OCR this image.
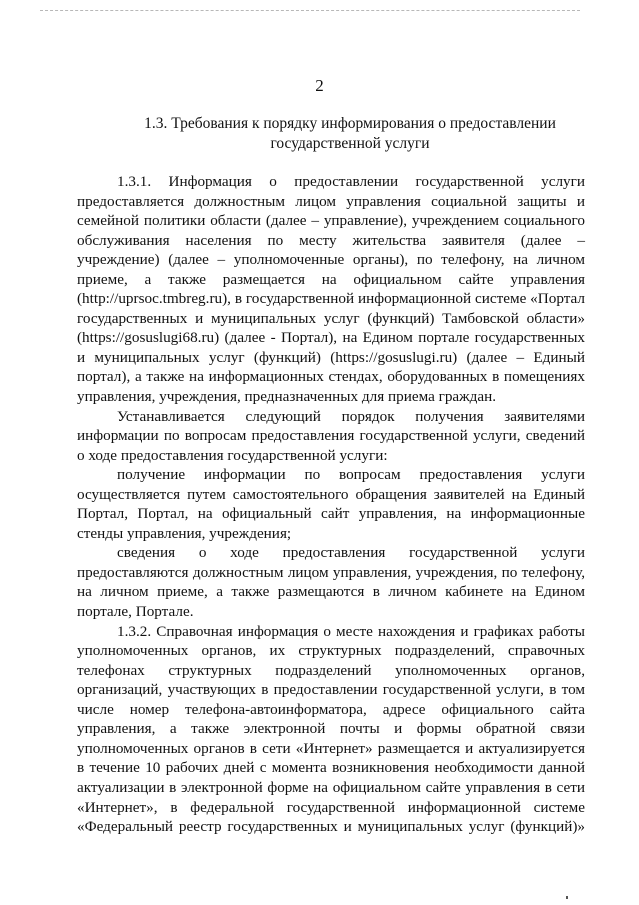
2
1.3. Требования к порядку информирования о предоставлении
государственной услуги

1.3.1. Информация о предоставлении государственной услуги предоставляется должностным лицом управления социальной защиты и семейной политики области (далее – управление), учреждением социального обслуживания населения по месту жительства заявителя (далее – учреждение) (далее – уполномоченные органы), по телефону, на личном приеме, а также размещается на официальном сайте управления (http://uprsoc.tmbreg.ru), в государственной информационной системе «Портал государственных и муниципальных услуг (функций) Тамбовской области» (https://gosuslugi68.ru) (далее - Портал), на Едином портале государственных и муниципальных услуг (функций) (https://gosuslugi.ru) (далее – Единый портал), а также на информационных стендах, оборудованных в помещениях управления, учреждения, предназначенных для приема граждан.

Устанавливается следующий порядок получения заявителями информации по вопросам предоставления государственной услуги, сведений о ходе предоставления государственной услуги:

получение информации по вопросам предоставления услуги осуществляется путем самостоятельного обращения заявителей на Единый Портал, Портал, на официальный сайт управления, на информационные стенды управления, учреждения;

сведения о ходе предоставления государственной услуги предоставляются должностным лицом управления, учреждения, по телефону, на личном приеме, а также размещаются в личном кабинете на Едином портале, Портале.

1.3.2. Справочная информация о месте нахождения и графиках работы уполномоченных органов, их структурных подразделений, справочных телефонах структурных подразделений уполномоченных органов, организаций, участвующих в предоставлении государственной услуги, в том числе номер телефона-автоинформатора, адресе официального сайта управления, а также электронной почты и формы обратной связи уполномоченных органов в сети «Интернет» размещается и актуализируется в течение 10 рабочих дней с момента возникновения необходимости данной актуализации в электронной форме на официальном сайте управления в сети «Интернет», в федеральной государственной информационной системе «Федеральный реестр государственных и муниципальных услуг (функций)»
